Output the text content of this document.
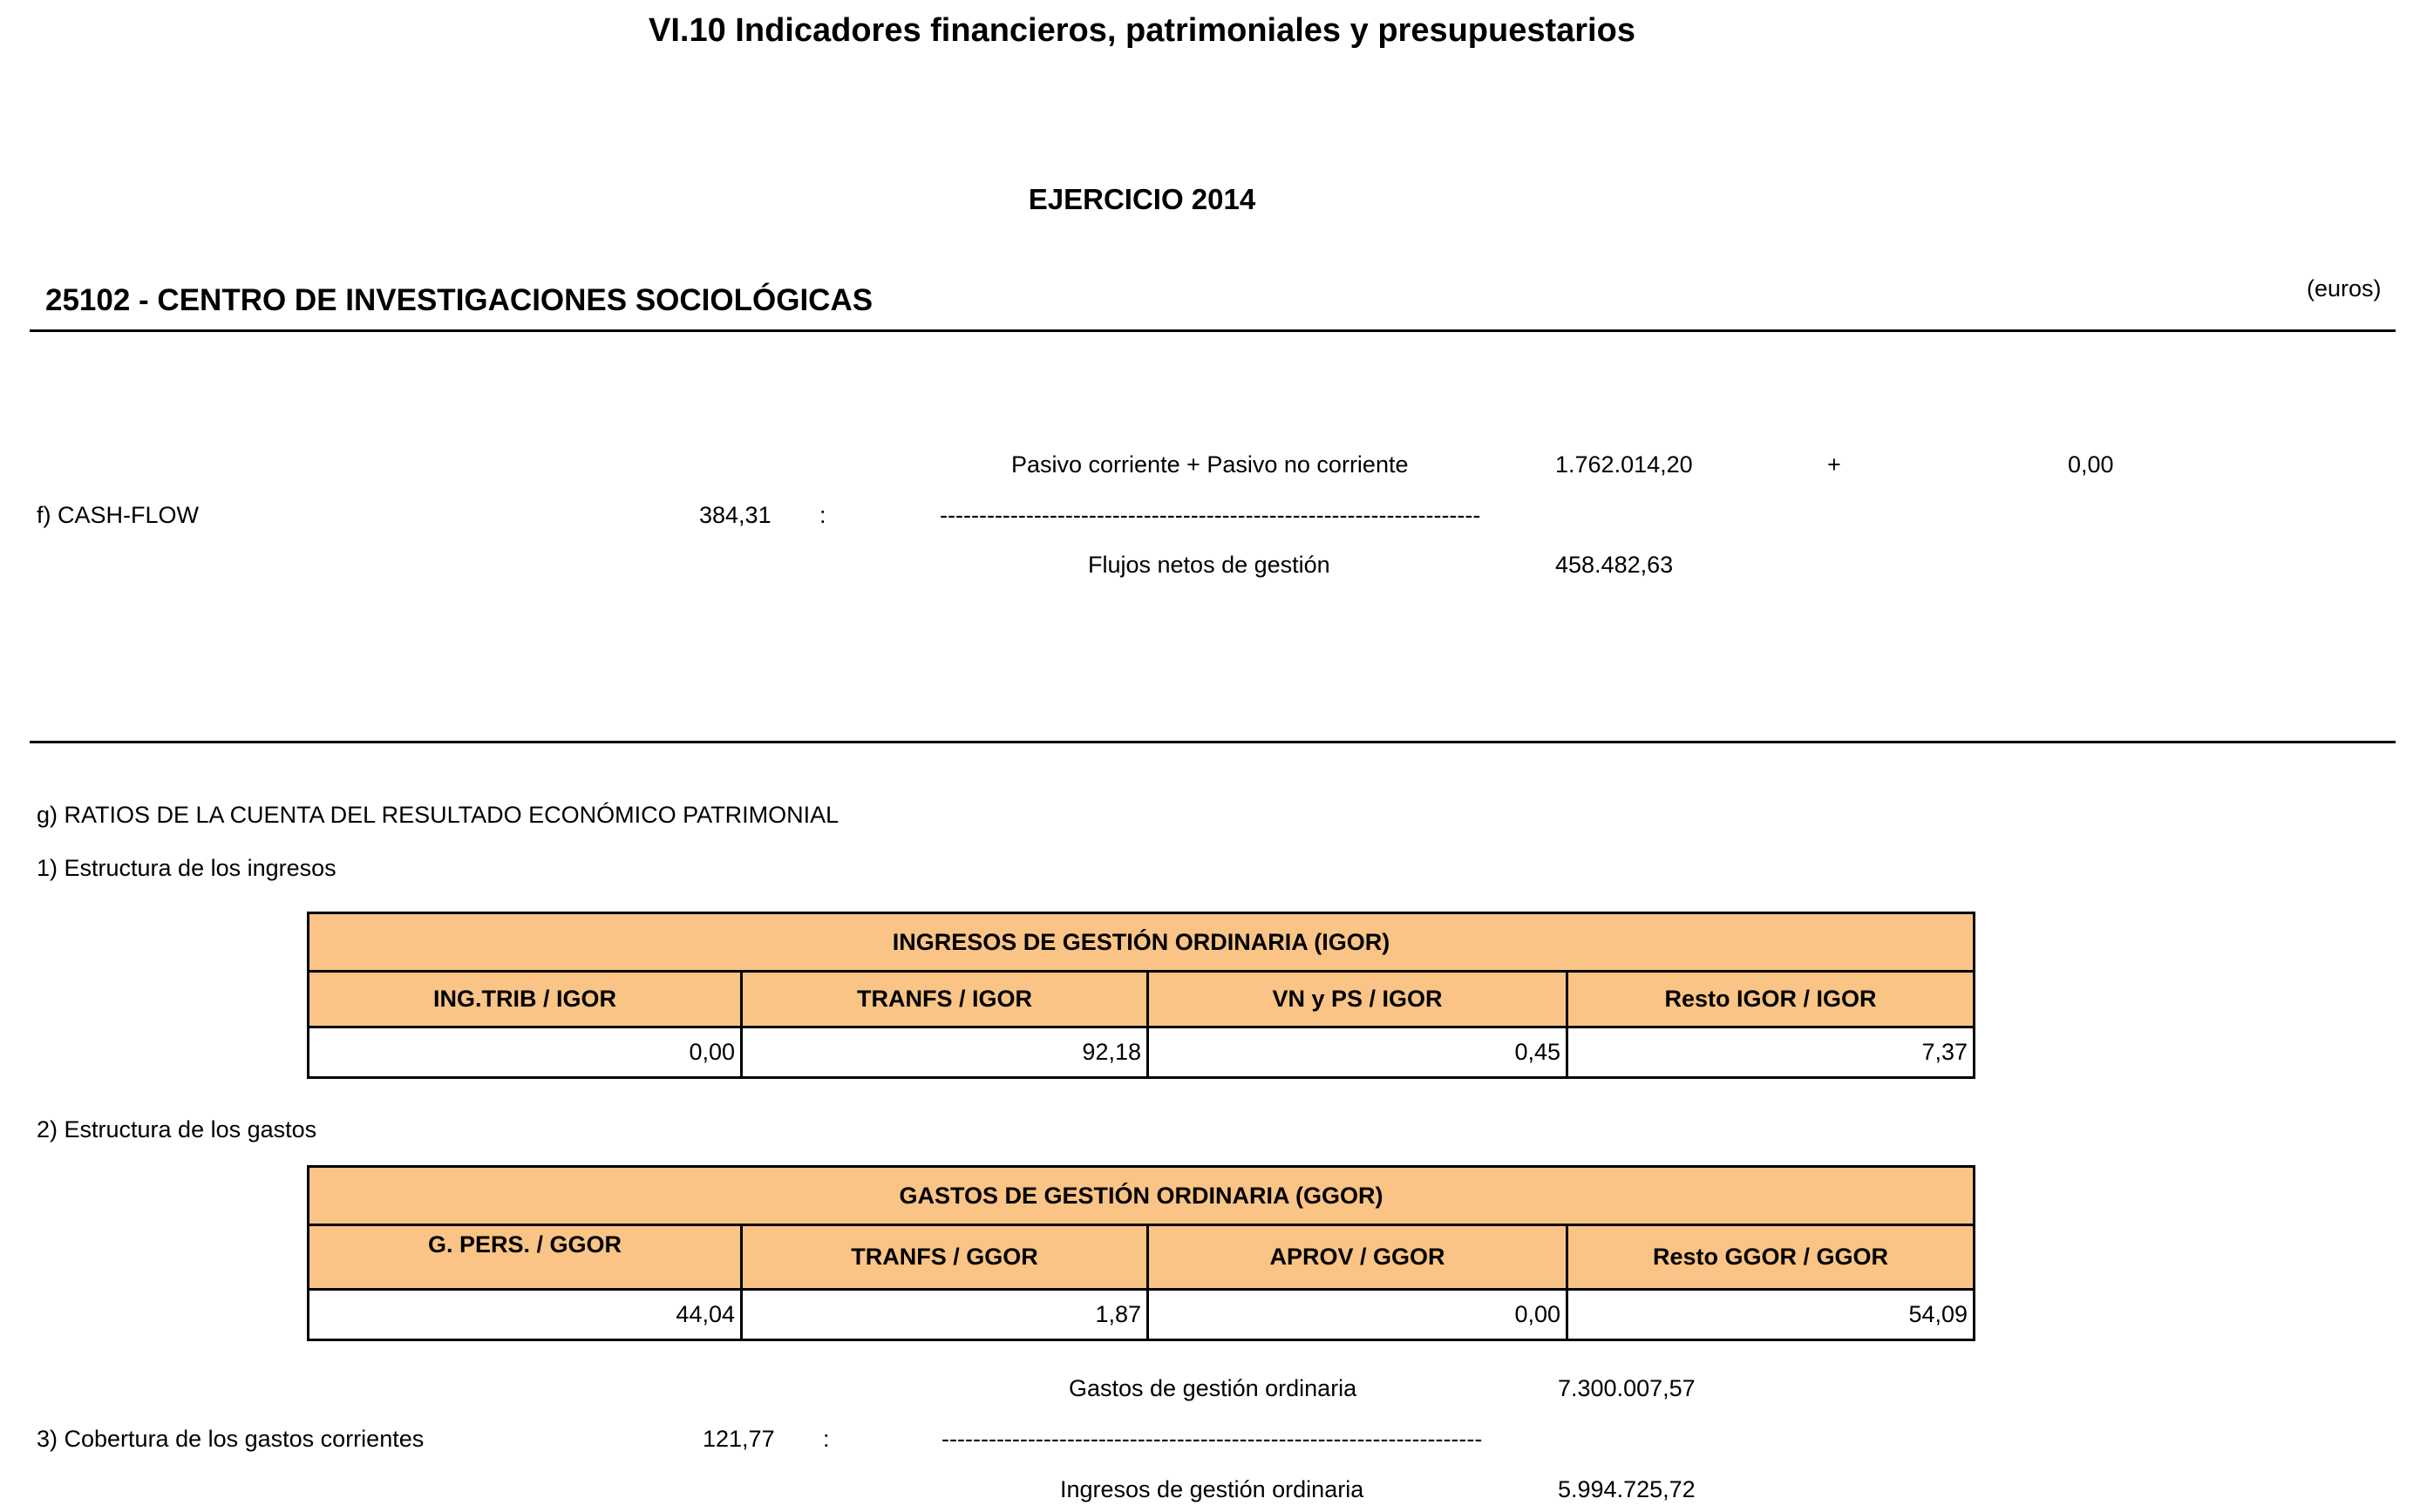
VI.10 Indicadores financieros, patrimoniales y presupuestarios
EJERCICIO 2014
25102 - CENTRO DE INVESTIGACIONES SOCIOLÓGICAS	(euros)
f) CASH-FLOW	384,31 :
Pasivo corriente + Pasivo no corriente	1.762.014,20	+	0,00
---------------------------------------------------------------------
Flujos netos de gestión	458.482,63
g) RATIOS DE LA CUENTA DEL RESULTADO ECONÓMICO PATRIMONIAL
1) Estructura de los ingresos
INGRESOS DE GESTIÓN ORDINARIA (IGOR)			
ING.TRIB / IGOR	TRANFS / IGOR	VN y PS / IGOR	Resto IGOR / IGOR
0,00	92,18	0,45	7,37
2) Estructura de los gastos
GASTOS DE GESTIÓN ORDINARIA (GGOR)			
G. PERS. / GGOR	TRANFS / GGOR	APROV / GGOR	Resto GGOR / GGOR
44,04	1,87	0,00	54,09
Gastos de gestión ordinaria	7.300.007,57
3) Cobertura de los gastos corrientes	121,77 :	---------------------------------------------------------------------
Ingresos de gestión ordinaria	5.994.725,72
